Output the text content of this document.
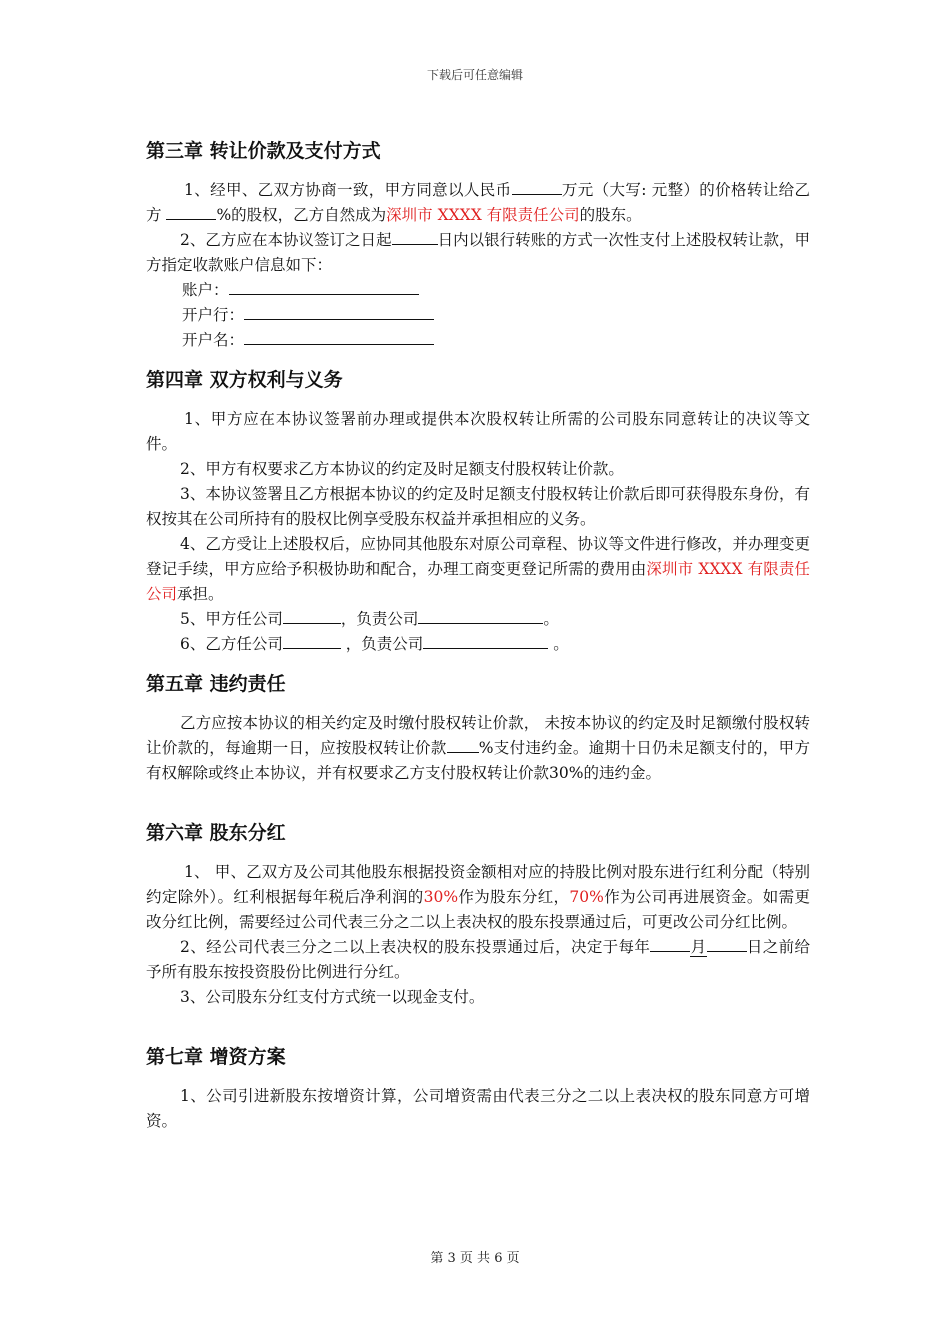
下载后可任意编辑
第三章 转让价款及支付方式

1、经甲、乙双方协商一致，甲方同意以人民币	万元（大写: 元整）的价格转让给乙方	%的股权，乙方自然成为深圳市 XXXX 有限责任公司的股东。

2、乙方应在本协议签订之日起	日内以银行转账的方式一次性支付上述股权转让款，甲方指定收款账户信息如下：

账户：
开户行：
开户名：
第四章 双方权利与义务

1、甲方应在本协议签署前办理或提供本次股权转让所需的公司股东同意转让的决议等文件。

2、甲方有权要求乙方本协议的约定及时足额支付股权转让价款。

3、本协议签署且乙方根据本协议的约定及时足额支付股权转让价款后即可获得股东身份，有权按其在公司所持有的股权比例享受股东权益并承担相应的义务。

4、乙方受让上述股权后，应协同其他股东对原公司章程、协议等文件进行修改，并办理变更登记手续，甲方应给予积极协助和配合，办理工商变更登记所需的费用由深圳市 XXXX 有限责任公司承担。

5、甲方任公司	，负责公司	。

6、乙方任公司	，负责公司	。

第五章 违约责任

乙方应按本协议的相关约定及时缴付股权转让价款， 未按本协议的约定及时足额缴付股权转让价款的，每逾期一日，应按股权转让价款 %支付违约金。逾期十日仍未足额支付的，甲方有权解除或终止本协议，并有权要求乙方支付股权转让价款30%的违约金。

第六章 股东分红

1、 甲、乙双方及公司其他股东根据投资金额相对应的持股比例对股东进行红利分配（特别约定除外）。红利根据每年税后净利润的30%作为股东分红，70%作为公司再进展资金。如需更改分红比例，需要经过公司代表三分之二以上表决权的股东投票通过后，可更改公司分红比例。

2、经公司代表三分之二以上表决权的股东投票通过后，决定于每年	月	日之前给予所有股东按投资股份比例进行分红。

3、公司股东分红支付方式统一以现金支付。

第七章 增资方案

1、公司引进新股东按增资计算，公司增资需由代表三分之二以上表决权的股东同意方可增资。

第 3 页 共 6 页
